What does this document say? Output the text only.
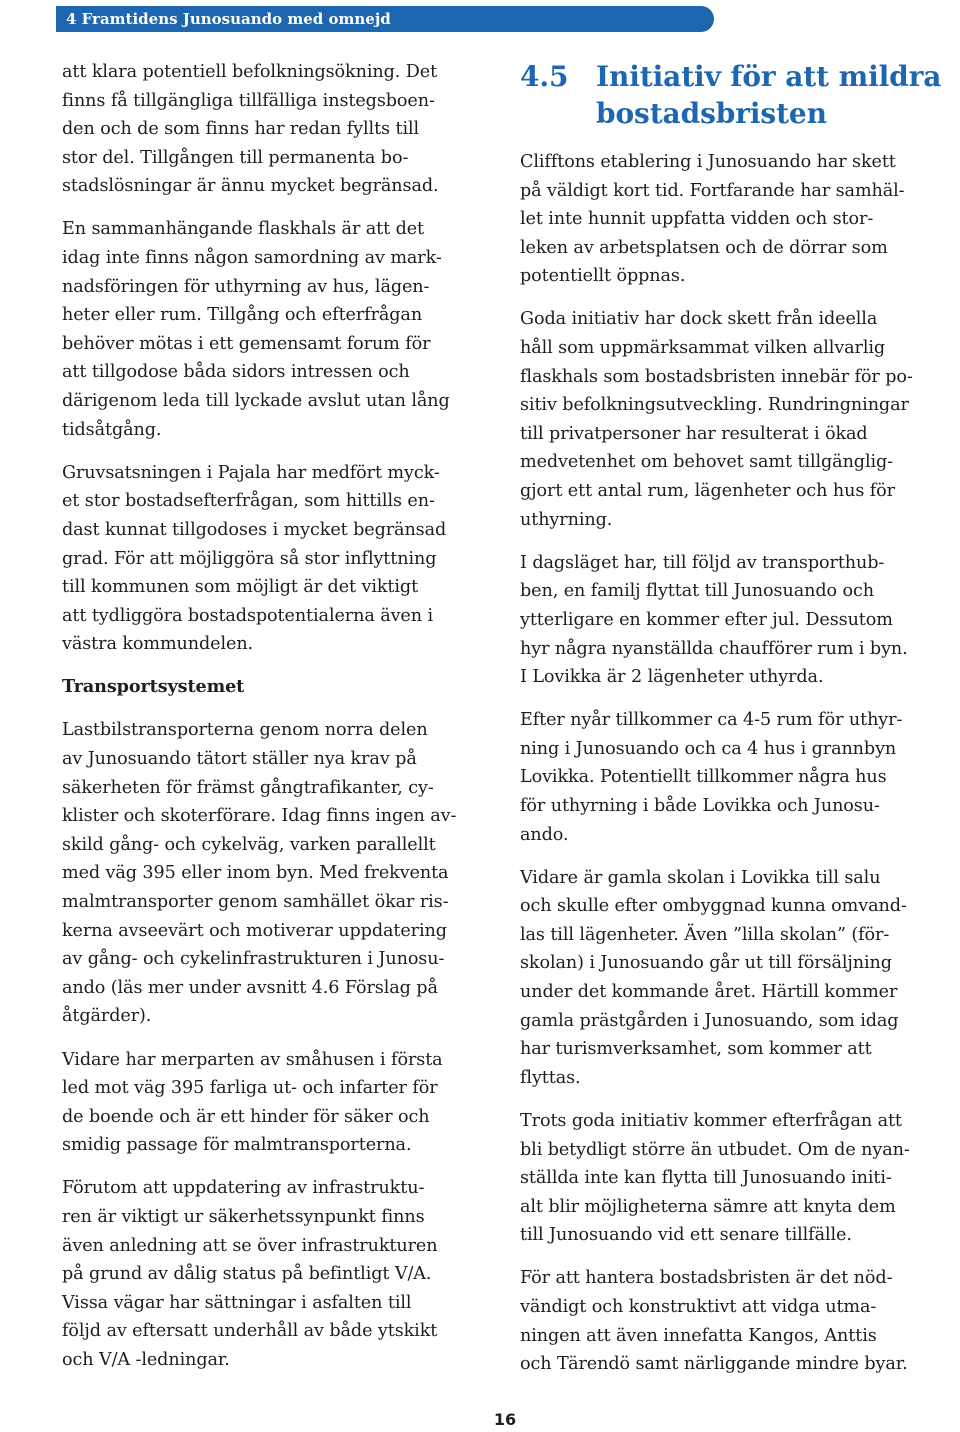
4 Framtidens Junosuando med omnejd
att klara potentiell befolkningsökning. Det
finns få tillgängliga tillfälliga instegsboen-
den och de som finns har redan fyllts till
stor del. Tillgången till permanenta bo-
stadslösningar är ännu mycket begränsad.
En sammanhängande flaskhals är att det
idag inte finns någon samordning av mark-
nadsföringen för uthyrning av hus, lägen-
heter eller rum. Tillgång och efterfrågan
behöver mötas i ett gemensamt forum för
att tillgodose båda sidors intressen och
därigenom leda till lyckade avslut utan lång
tidsåtgång.
Gruvsatsningen i Pajala har medfört myck-
et stor bostadsefterfrågan, som hittills en-
dast kunnat tillgodoses i mycket begränsad
grad. För att möjliggöra så stor inflyttning
till kommunen som möjligt är det viktigt
att tydliggöra bostadspotentialerna även i
västra kommundelen.
Transportsystemet
Lastbilstransporterna genom norra delen
av Junosuando tätort ställer nya krav på
säkerheten för främst gångtrafikanter, cy-
klister och skoterförare. Idag finns ingen av-
skild gång- och cykelväg, varken parallellt
med väg 395 eller inom byn. Med frekventa
malmtransporter genom samhället ökar ris-
kerna avseevärt och motiverar uppdatering
av gång- och cykelinfrastrukturen i Junosu-
ando (läs mer under avsnitt 4.6 Förslag på
åtgärder).
Vidare har merparten av småhusen i första
led mot väg 395 farliga ut- och infarter för
de boende och är ett hinder för säker och
smidig passage för malmtransporterna.
Förutom att uppdatering av infrastruktu-
ren är viktigt ur säkerhetssynpunkt finns
även anledning att se över infrastrukturen
på grund av dålig status på befintligt V/A.
Vissa vägar har sättningar i asfalten till
följd av eftersatt underhåll av både ytskikt
och V/A -ledningar.
4.5 Initiativ för att mildra
bostadsbristen
Clifftons etablering i Junosuando har skett
på väldigt kort tid. Fortfarande har samhäl-
let inte hunnit uppfatta vidden och stor-
leken av arbetsplatsen och de dörrar som
potentiellt öppnas.
Goda initiativ har dock skett från ideella
håll som uppmärksammat vilken allvarlig
flaskhals som bostadsbristen innebär för po-
sitiv befolkningsutveckling. Rundringningar
till privatpersoner har resulterat i ökad
medvetenhet om behovet samt tillgänglig-
gjort ett antal rum, lägenheter och hus för
uthyrning.
I dagsläget har, till följd av transporthub-
ben, en familj flyttat till Junosuando och
ytterligare en kommer efter jul. Dessutom
hyr några nyanställda chaufförer rum i byn.
I Lovikka är 2 lägenheter uthyrda.
Efter nyår tillkommer ca 4-5 rum för uthyr-
ning i Junosuando och ca 4 hus i grannbyn
Lovikka. Potentiellt tillkommer några hus
för uthyrning i både Lovikka och Junosu-
ando.
Vidare är gamla skolan i Lovikka till salu
och skulle efter ombyggnad kunna omvand-
las till lägenheter. Även ”lilla skolan” (för-
skolan) i Junosuando går ut till försäljning
under det kommande året. Härtill kommer
gamla prästgården i Junosuando, som idag
har turismverksamhet, som kommer att
flyttas.
Trots goda initiativ kommer efterfrågan att
bli betydligt större än utbudet. Om de nyan-
ställda inte kan flytta till Junosuando initi-
alt blir möjligheterna sämre att knyta dem
till Junosuando vid ett senare tillfälle.
För att hantera bostadsbristen är det nöd-
vändigt och konstruktivt att vidga utma-
ningen att även innefatta Kangos, Anttis
och Tärendö samt närliggande mindre byar.
16
